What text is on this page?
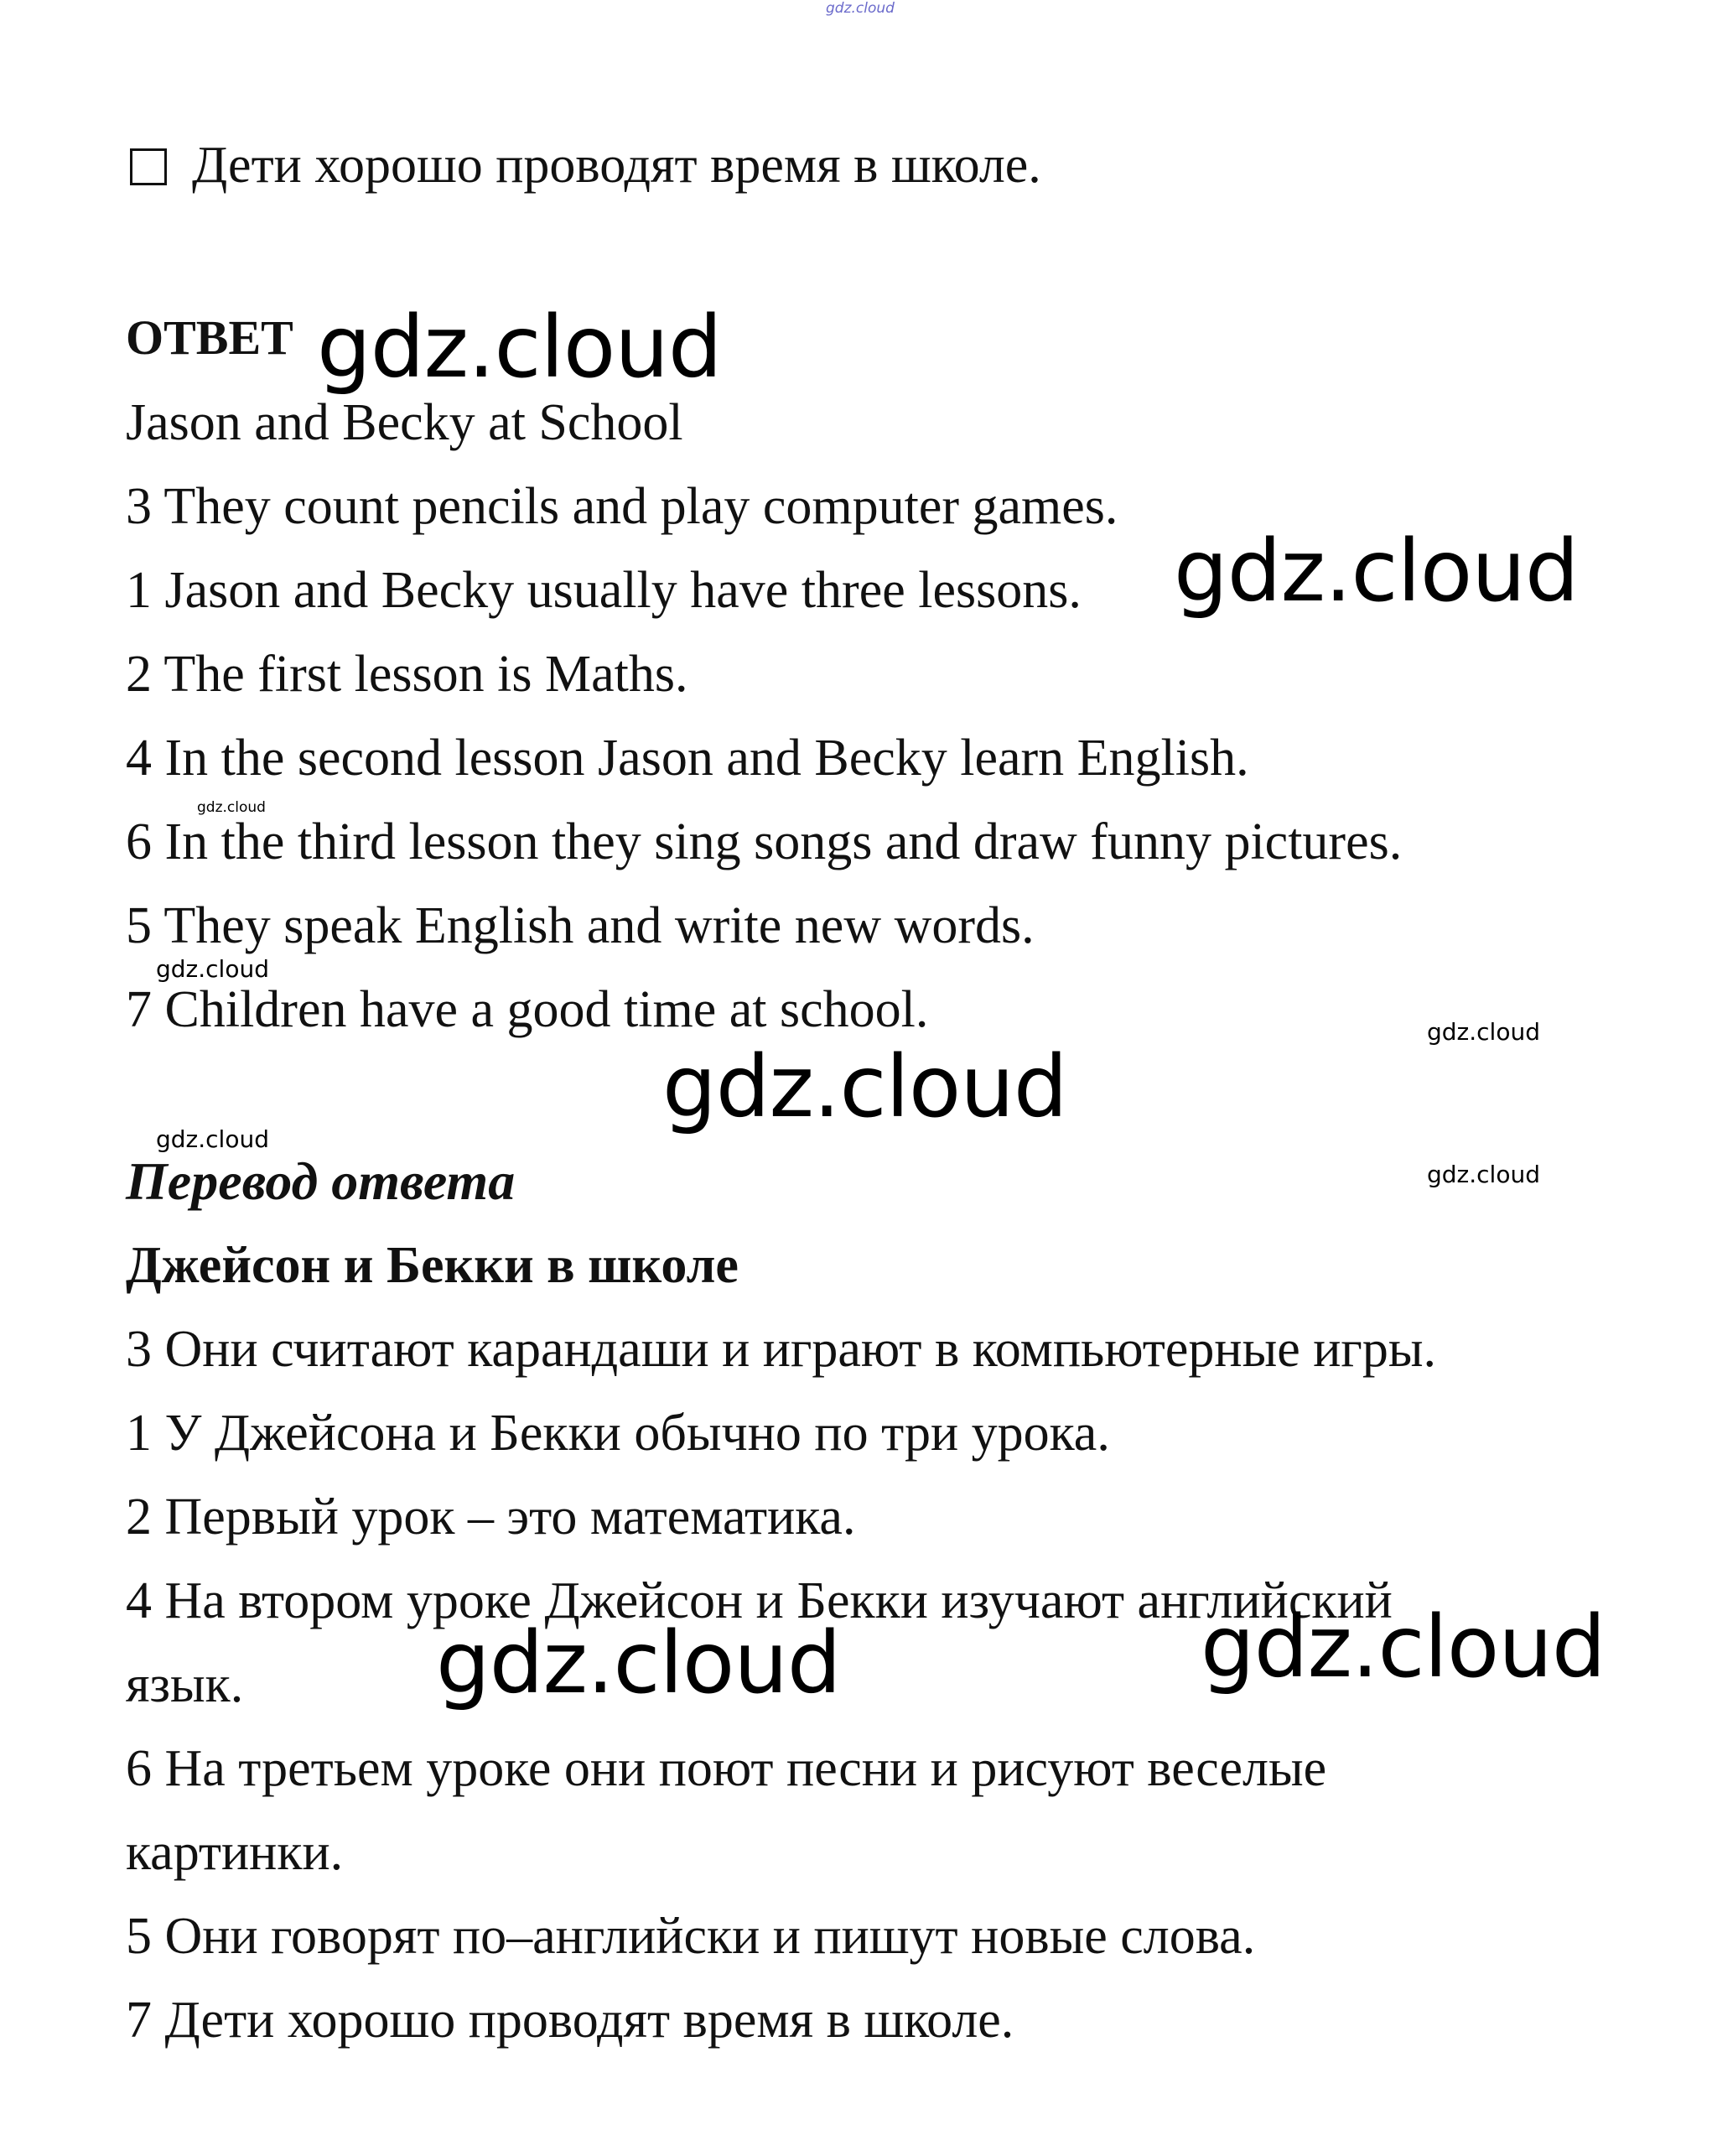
gdz.cloud
Дети хорошо проводят время в школе.
ОТВЕТ gdz.cloud
Jason and Becky at School
3 They count pencils and play computer games.
1 Jason and Becky usually have three lessons. gdz.cloud
2 The first lesson is Maths.
4 In the second lesson Jason and Becky learn English.
gdz.cloud
6 In the third lesson they sing songs and draw funny pictures.
5 They speak English and write new words.
gdz.cloud
7 Children have a good time at school.	gdz.cloud
gdz.cloud
gdz.cloud
Перевод ответа	gdz.cloud
Джейсон и Бекки в школе
3 Они считают карандаши и играют в компьютерные игры.
1 У Джейсона и Бекки обычно по три урока.
2 Первый урок – это математика.
4 На втором уроке Джейсон и Бекки изучают английский
язык. gdz.cloud	gdz.cloud
6 На третьем уроке они поют песни и рисуют веселые
картинки.
5 Они говорят по–английски и пишут новые слова.
7 Дети хорошо проводят время в школе.
